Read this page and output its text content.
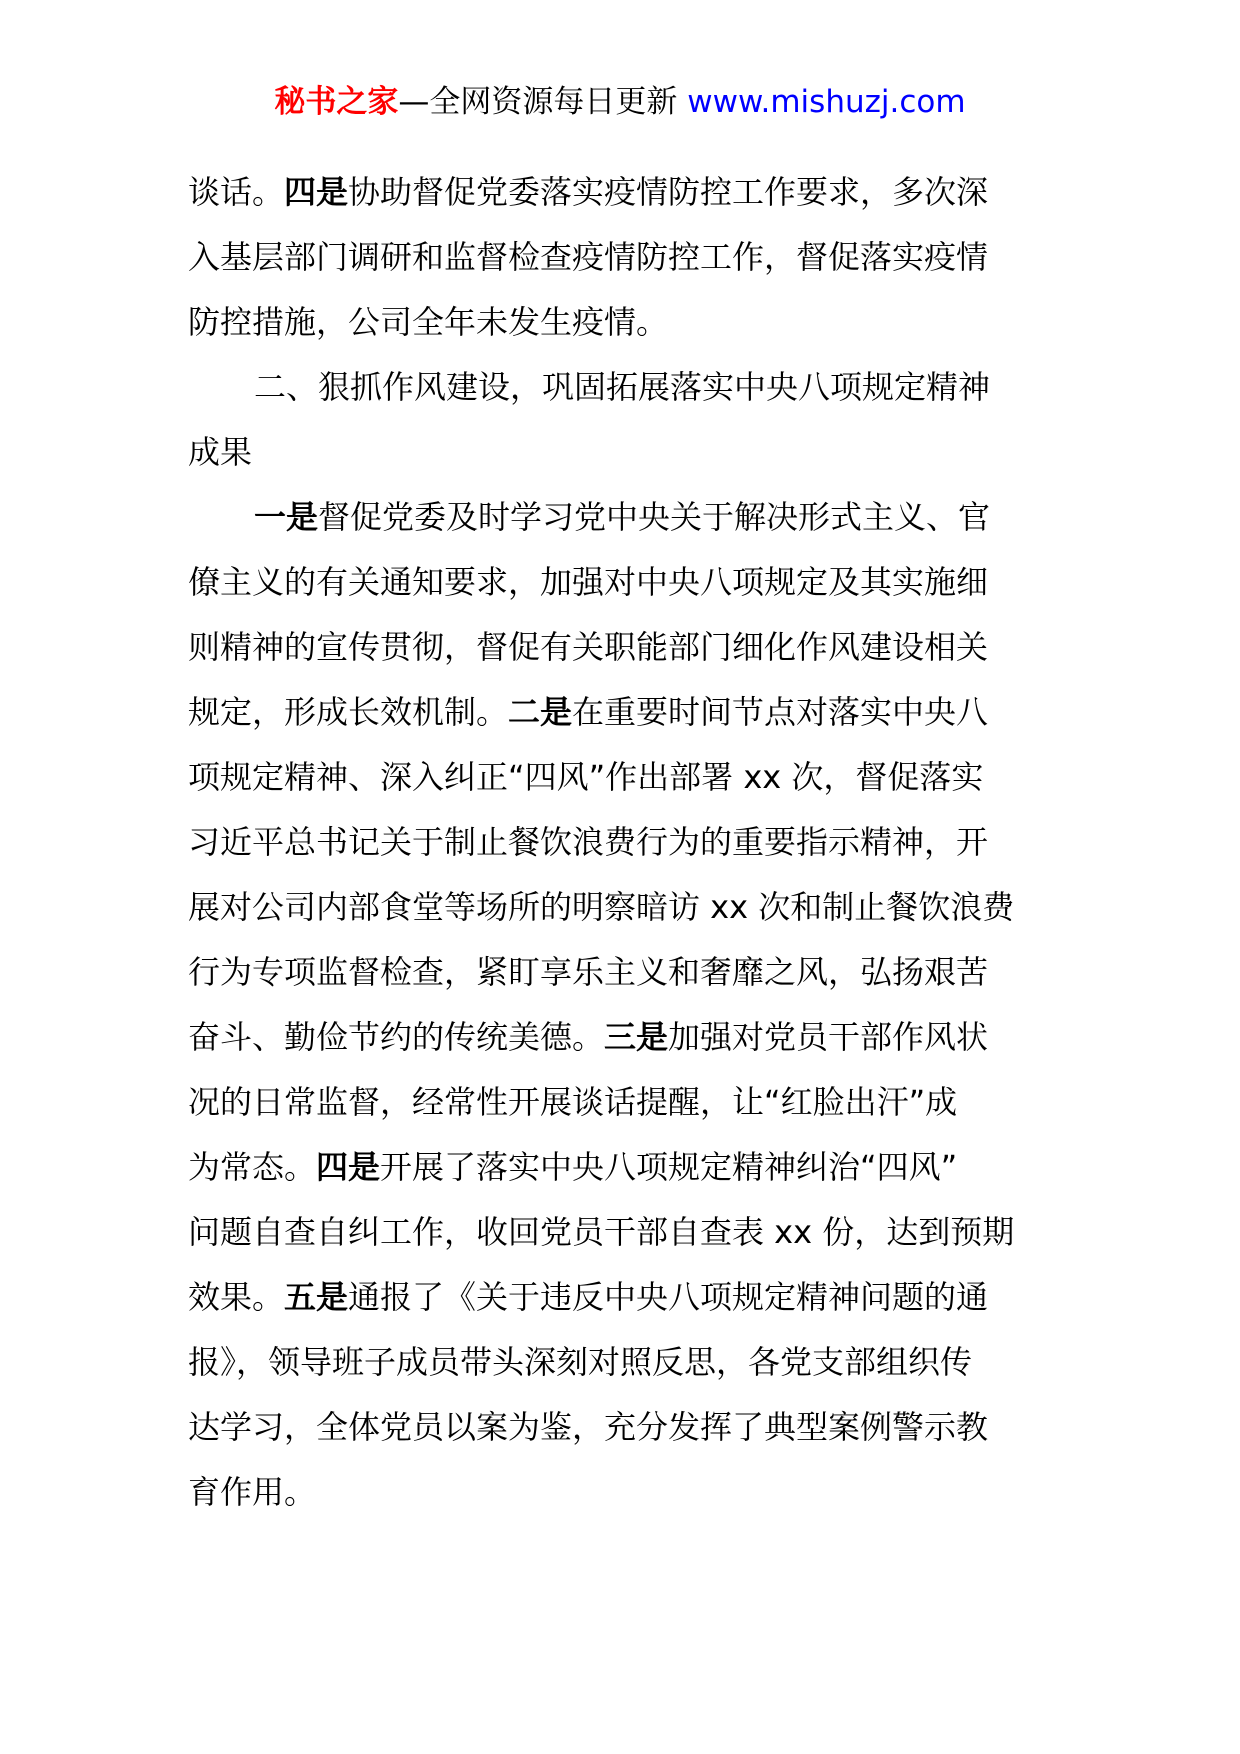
秘书之家—全网资源每日更新 www.mishuzj.com
谈话。四是协助督促党委落实疫情防控工作要求，多次深
入基层部门调研和监督检查疫情防控工作，督促落实疫情
防控措施，公司全年未发生疫情。
二、狠抓作风建设，巩固拓展落实中央八项规定精神
成果
一是督促党委及时学习党中央关于解决形式主义、官
僚主义的有关通知要求，加强对中央八项规定及其实施细
则精神的宣传贯彻，督促有关职能部门细化作风建设相关
规定，形成长效机制。二是在重要时间节点对落实中央八
项规定精神、深入纠正“四风”作出部署 xx 次，督促落实
习近平总书记关于制止餐饮浪费行为的重要指示精神，开
展对公司内部食堂等场所的明察暗访 xx 次和制止餐饮浪费
行为专项监督检查，紧盯享乐主义和奢靡之风，弘扬艰苦
奋斗、勤俭节约的传统美德。三是加强对党员干部作风状
况的日常监督，经常性开展谈话提醒，让“红脸出汗”成
为常态。四是开展了落实中央八项规定精神纠治“四风”
问题自查自纠工作，收回党员干部自查表 xx 份，达到预期
效果。五是通报了《关于违反中央八项规定精神问题的通
报》，领导班子成员带头深刻对照反思，各党支部组织传
达学习，全体党员以案为鉴，充分发挥了典型案例警示教
育作用。
